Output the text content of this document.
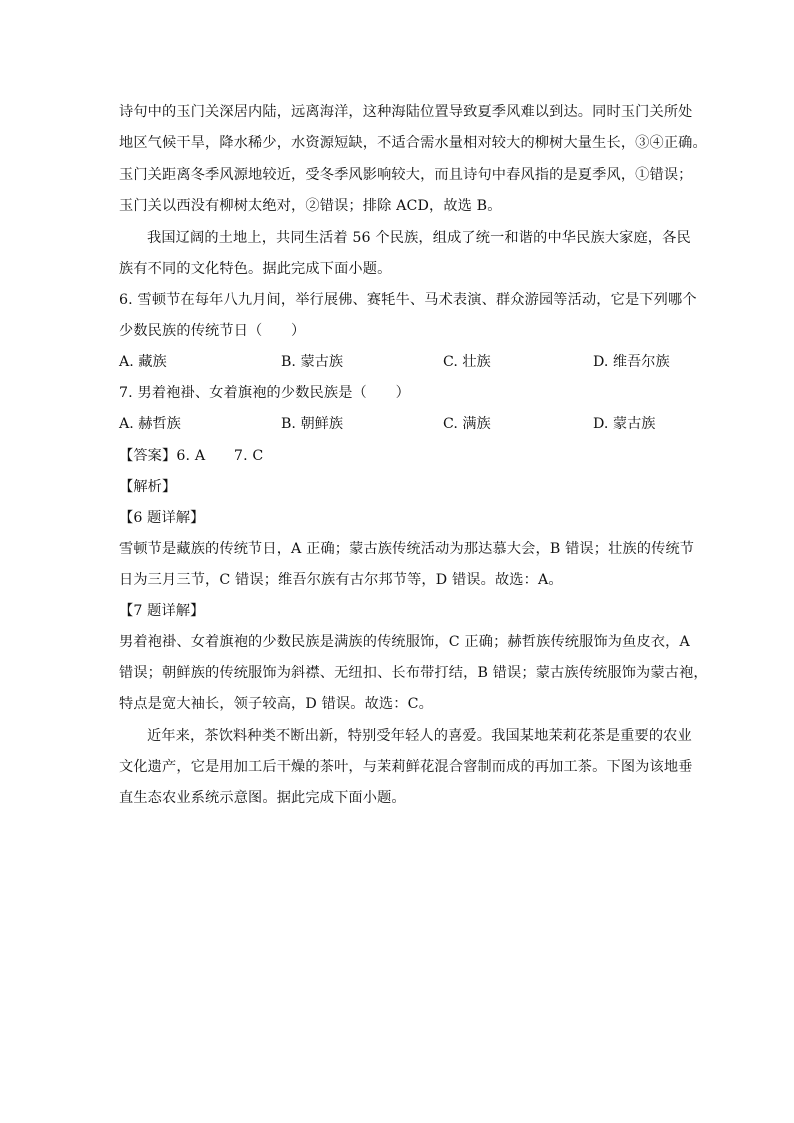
诗句中的玉门关深居内陆，远离海洋，这种海陆位置导致夏季风难以到达。同时玉门关所处
地区气候干旱，降水稀少，水资源短缺，不适合需水量相对较大的柳树大量生长，③④正确。
玉门关距离冬季风源地较近，受冬季风影响较大，而且诗句中春风指的是夏季风，①错误；
玉门关以西没有柳树太绝对，②错误；排除 ACD，故选 B。
我国辽阔的土地上，共同生活着 56 个民族，组成了统一和谐的中华民族大家庭，各民
族有不同的文化特色。据此完成下面小题。
6. 雪顿节在每年八九月间，举行展佛、赛牦牛、马术表演、群众游园等活动，它是下列哪个
少数民族的传统节日（　　）
A. 藏族	B. 蒙古族	C. 壮族	D. 维吾尔族
7. 男着袍褂、女着旗袍的少数民族是（　　）
A. 赫哲族	B. 朝鲜族	C. 满族	D. 蒙古族
【答案】6. A　　7. C
【解析】
【6 题详解】
雪顿节是藏族的传统节日，A 正确；蒙古族传统活动为那达慕大会，B 错误；壮族的传统节
日为三月三节，C 错误；维吾尔族有古尔邦节等，D 错误。故选：A。
【7 题详解】
男着袍褂、女着旗袍的少数民族是满族的传统服饰，C 正确；赫哲族传统服饰为鱼皮衣，A
错误；朝鲜族的传统服饰为斜襟、无纽扣、长布带打结，B 错误；蒙古族传统服饰为蒙古袍，
特点是宽大袖长，领子较高，D 错误。故选：C。
近年来，茶饮料种类不断出新，特别受年轻人的喜爱。我国某地茉莉花茶是重要的农业
文化遗产，它是用加工后干燥的茶叶，与茉莉鲜花混合窨制而成的再加工茶。下图为该地垂
直生态农业系统示意图。据此完成下面小题。
